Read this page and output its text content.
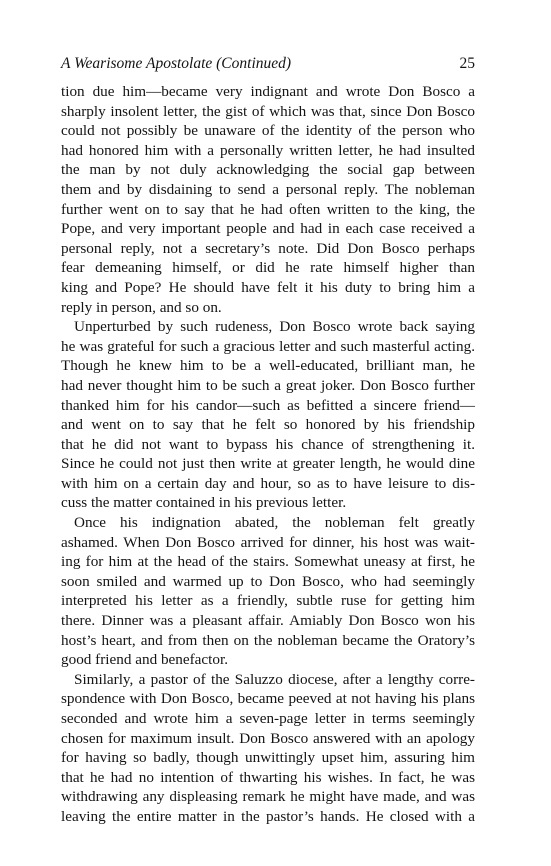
A Wearisome Apostolate (Continued)	25
tion due him—became very indignant and wrote Don Bosco a
sharply insolent letter, the gist of which was that, since Don Bosco
could not possibly be unaware of the identity of the person who
had honored him with a personally written letter, he had insulted
the man by not duly acknowledging the social gap between
them and by disdaining to send a personal reply. The nobleman
further went on to say that he had often written to the king, the
Pope, and very important people and had in each case received a
personal reply, not a secretary’s note. Did Don Bosco perhaps
fear demeaning himself, or did he rate himself higher than
king and Pope? He should have felt it his duty to bring him a
reply in person, and so on.
Unperturbed by such rudeness, Don Bosco wrote back saying
he was grateful for such a gracious letter and such masterful acting.
Though he knew him to be a well-educated, brilliant man, he
had never thought him to be such a great joker. Don Bosco further
thanked him for his candor—such as befitted a sincere friend—
and went on to say that he felt so honored by his friendship
that he did not want to bypass his chance of strengthening it.
Since he could not just then write at greater length, he would dine
with him on a certain day and hour, so as to have leisure to dis-
cuss the matter contained in his previous letter.
Once his indignation abated, the nobleman felt greatly
ashamed. When Don Bosco arrived for dinner, his host was wait-
ing for him at the head of the stairs. Somewhat uneasy at first, he
soon smiled and warmed up to Don Bosco, who had seemingly
interpreted his letter as a friendly, subtle ruse for getting him
there. Dinner was a pleasant affair. Amiably Don Bosco won his
host’s heart, and from then on the nobleman became the Oratory’s
good friend and benefactor.
Similarly, a pastor of the Saluzzo diocese, after a lengthy corre-
spondence with Don Bosco, became peeved at not having his plans
seconded and wrote him a seven-page letter in terms seemingly
chosen for maximum insult. Don Bosco answered with an apology
for having so badly, though unwittingly upset him, assuring him
that he had no intention of thwarting his wishes. In fact, he was
withdrawing any displeasing remark he might have made, and was
leaving the entire matter in the pastor’s hands. He closed with a
